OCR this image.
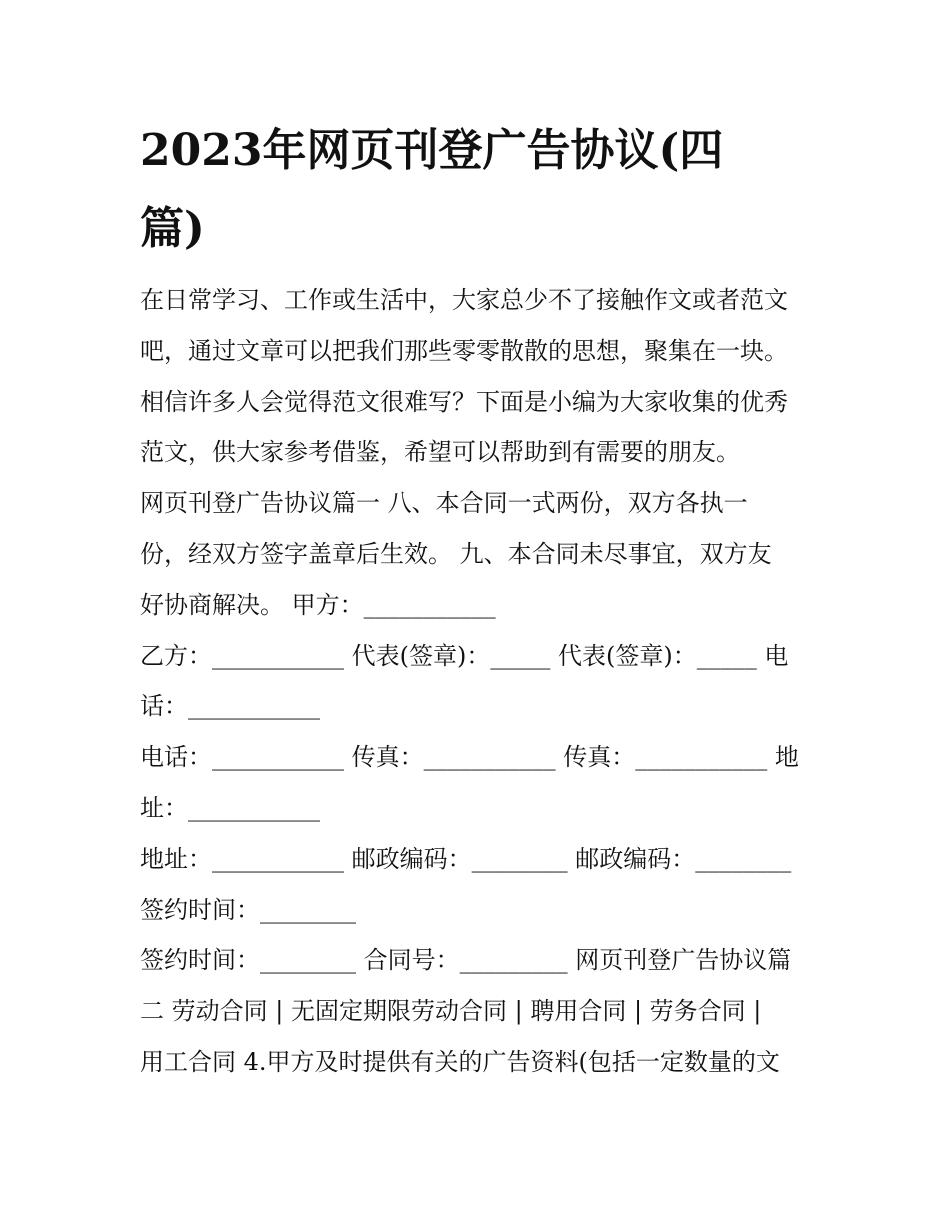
2023年网页刊登广告协议(四
篇)
在日常学习、工作或生活中，大家总少不了接触作文或者范文
吧，通过文章可以把我们那些零零散散的思想，聚集在一块。
相信许多人会觉得范文很难写？下面是小编为大家收集的优秀
范文，供大家参考借鉴，希望可以帮助到有需要的朋友。
网页刊登广告协议篇一 八、本合同一式两份，双方各执一
份，经双方签字盖章后生效。 九、本合同未尽事宜，双方友
好协商解决。 甲方：___________
乙方：___________ 代表(签章)：_____ 代表(签章)：_____ 电
话：___________
电话：___________ 传真：___________ 传真：___________ 地
址：___________
地址：___________ 邮政编码：________ 邮政编码：________
签约时间：________
签约时间：________ 合同号：_________ 网页刊登广告协议篇
二 劳动合同 | 无固定期限劳动合同 | 聘用合同 | 劳务合同 |
用工合同 4.甲方及时提供有关的广告资料(包括一定数量的文
